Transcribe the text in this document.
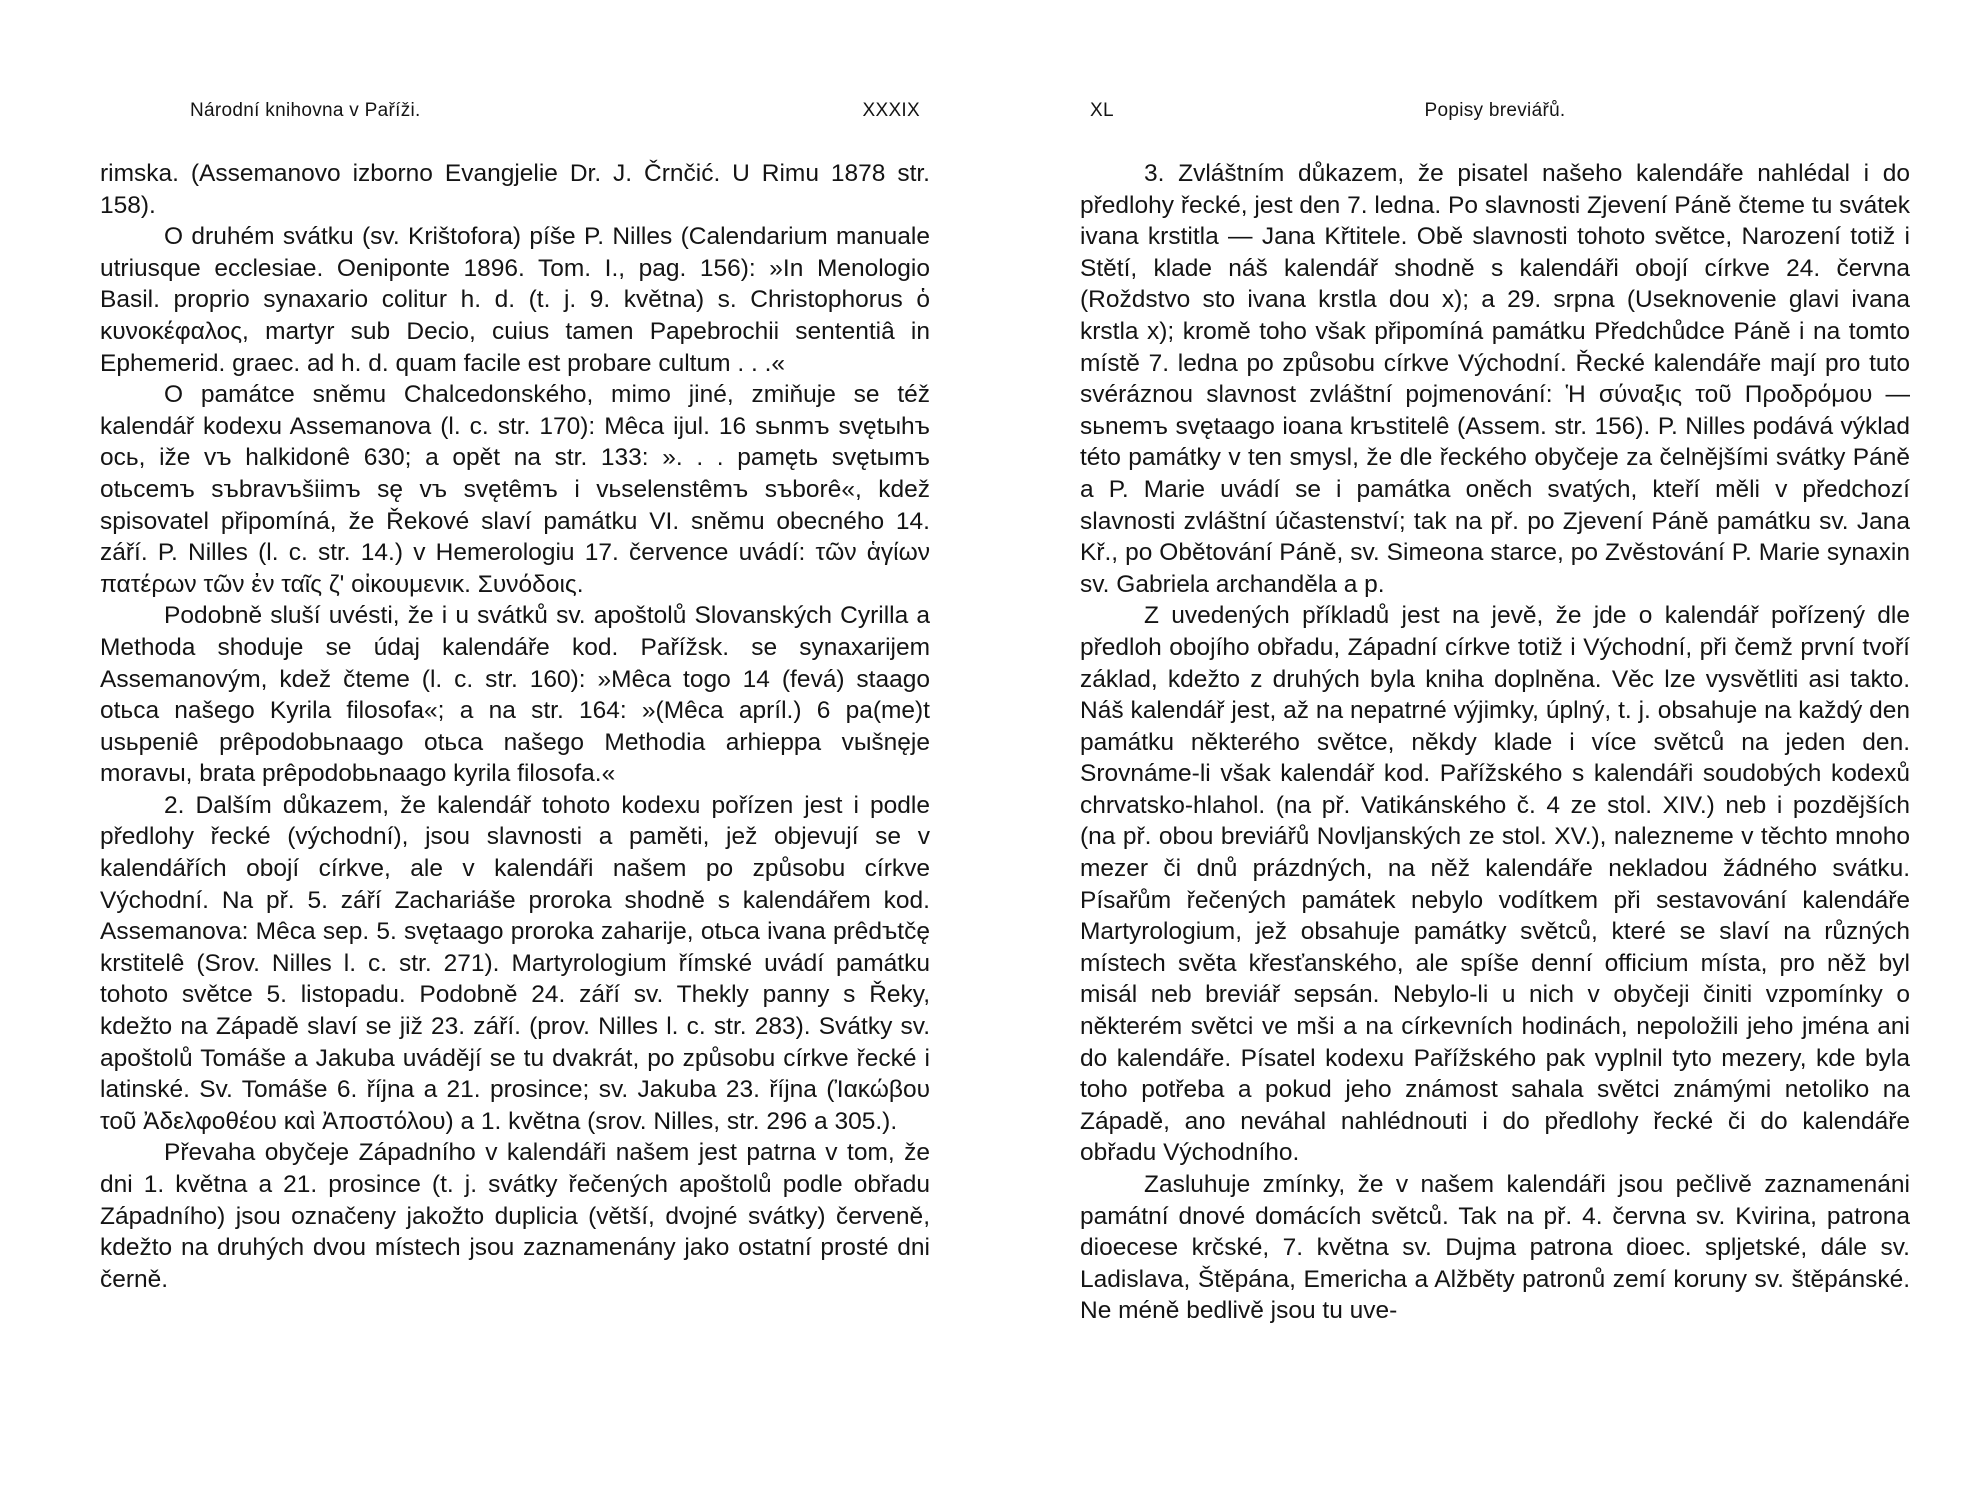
Národní knihovna v Paříži.	XXXIX

rimska. (Assemanovo izborno Evangjelie Dr. J. Črnčić. U Rimu 1878 str. 158).

O druhém svátku (sv. Krištofora) píše P. Nilles (Calendarium manuale utriusque ecclesiae. Oeniponte 1896. Tom. I., pag. 156): »In Menologio Basil. proprio synaxario colitur h. d. (t. j. 9. května) s. Christophorus ὁ κυνοκέφαλος, martyr sub Decio, cuius tamen Papebrochii sententiâ in Ephemerid. graec. ad h. d. quam facile est probare cultum . . .«

O památce sněmu Chalcedonského, mimo jiné, zmiňuje se též kalendář kodexu Assemanova (l. c. str. 170): Mêca ijul. 16 sьnmъ svętыhъ ocь, iže vъ halkidonê 630; a opět na str. 133: ». . . pamętь svętыmъ otьcemъ sъbravъšiimъ sę vъ svętêmъ i vьselenstêmъ sъborê«, kdež spisovatel připomíná, že Řekové slaví památku VI. sněmu obecného 14. září. P. Nilles (l. c. str. 14.) v Hemerologiu 17. července uvádí: τῶν ἁγίων πατέρων τῶν ἐν ταῖς ζʹ οἰκουμενικ. Συνόδοις.

Podobně sluší uvésti, že i u svátků sv. apoštolů Slovanských Cyrilla a Methoda shoduje se údaj kalendáře kod. Pařížsk. se synaxarijem Assemanovým, kdež čteme (l. c. str. 160): »Mêca togo 14 (fevá) staago otьca našego Kyrila filosofa«; a na str. 164: »(Mêca apríl.) 6 pa(me)t usьpeniê prêpodobьnaago otьca našego Methodia arhieppa vыšnęje moravы, brata prêpodobьnaago kyrila filosofa.«

2. Dalším důkazem, že kalendář tohoto kodexu pořízen jest i podle předlohy řecké (východní), jsou slavnosti a paměti, jež objevují se v kalendářích obojí církve, ale v kalendáři našem po způsobu církve Východní. Na př. 5. září Zachariáše proroka shodně s kalendářem kod. Assemanova: Mêca sep. 5. svętaago proroka zaharije, otьca ivana prêdъtčę krstitelê (Srov. Nilles l. c. str. 271). Martyrologium římské uvádí památku tohoto světce 5. listopadu. Podobně 24. září sv. Thekly panny s Řeky, kdežto na Západě slaví se již 23. září. (prov. Nilles l. c. str. 283). Svátky sv. apoštolů Tomáše a Jakuba uvádějí se tu dvakrát, po způsobu církve řecké i latinské. Sv. Tomáše 6. října a 21. prosince; sv. Jakuba 23. října (Ἰακώβου τοῦ Ἀδελφοθέου καὶ Ἀποστόλου) a 1. května (srov. Nilles, str. 296 a 305.).

Převaha obyčeje Západního v kalendáři našem jest patrna v tom, že dni 1. května a 21. prosince (t. j. svátky řečených apoštolů podle obřadu Západního) jsou označeny jakožto duplicia (větší, dvojné svátky) červeně, kdežto na druhých dvou místech jsou zaznamenány jako ostatní prosté dni černě.

XL	Popisy breviářů.

3. Zvláštním důkazem, že pisatel našeho kalendáře nahlédal i do předlohy řecké, jest den 7. ledna. Po slavnosti Zjevení Páně čteme tu svátek ivana krstitla — Jana Křtitele. Obě slavnosti tohoto světce, Narození totiž i Stětí, klade náš kalendář shodně s kalendáři obojí církve 24. června (Roždstvo sto ivana krstla dou x); a 29. srpna (Useknovenie glavi ivana krstla x); kromě toho však připomíná památku Předchůdce Páně i na tomto místě 7. ledna po způsobu církve Východní. Řecké kalendáře mají pro tuto svéráznou slavnost zvláštní pojmenování: Ἡ σύναξις τοῦ Προδρόμου — sьnemъ svętaago ioana krъstitelê (Assem. str. 156). P. Nilles podává výklad této památky v ten smysl, že dle řeckého obyčeje za čelnějšími svátky Páně a P. Marie uvádí se i památka oněch svatých, kteří měli v předchozí slavnosti zvláštní účastenství; tak na př. po Zjevení Páně památku sv. Jana Kř., po Obětování Páně, sv. Simeona starce, po Zvěstování P. Marie synaxin sv. Gabriela archanděla a p.

Z uvedených příkladů jest na jevě, že jde o kalendář pořízený dle předloh obojího obřadu, Západní církve totiž i Východní, při čemž první tvoří základ, kdežto z druhých byla kniha doplněna. Věc lze vysvětliti asi takto. Náš kalendář jest, až na nepatrné výjimky, úplný, t. j. obsahuje na každý den památku některého světce, někdy klade i více světců na jeden den. Srovnáme-li však kalendář kod. Pařížského s kalendáři soudobých kodexů chrvatsko-hlahol. (na př. Vatikánského č. 4 ze stol. XIV.) neb i pozdějších (na př. obou breviářů Novljanských ze stol. XV.), nalezneme v těchto mnoho mezer či dnů prázdných, na něž kalendáře nekladou žádného svátku. Písařům řečených památek nebylo vodítkem při sestavování kalendáře Martyrologium, jež obsahuje památky světců, které se slaví na různých místech světa křesťanského, ale spíše denní officium místa, pro něž byl misál neb breviář sepsán. Nebylo-li u nich v obyčeji činiti vzpomínky o některém světci ve mši a na církevních hodinách, nepoložili jeho jména ani do kalendáře. Písatel kodexu Pařížského pak vyplnil tyto mezery, kde byla toho potřeba a pokud jeho známost sahala světci známými netoliko na Západě, ano neváhal nahlédnouti i do předlohy řecké či do kalendáře obřadu Východního.

Zasluhuje zmínky, že v našem kalendáři jsou pečlivě zaznamenáni památní dnové domácích světců. Tak na př. 4. června sv. Kvirina, patrona dioecese krčské, 7. května sv. Dujma patrona dioec. spljetské, dále sv. Ladislava, Štěpána, Emericha a Alžběty patronů zemí koruny sv. štěpánské. Ne méně bedlivě jsou tu uve-
